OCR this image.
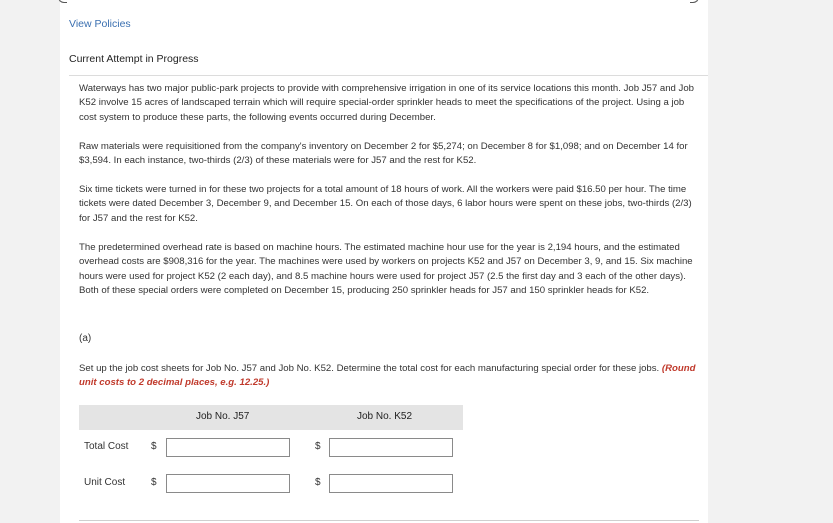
View Policies
Current Attempt in Progress

Waterways has two major public-park projects to provide with comprehensive irrigation in one of its service locations this month. Job J57 and Job K52 involve 15 acres of landscaped terrain which will require special-order sprinkler heads to meet the specifications of the project. Using a job cost system to produce these parts, the following events occurred during December.

Raw materials were requisitioned from the company's inventory on December 2 for $5,274; on December 8 for $1,098; and on December 14 for $3,594. In each instance, two-thirds (2/3) of these materials were for J57 and the rest for K52.

Six time tickets were turned in for these two projects for a total amount of 18 hours of work. All the workers were paid $16.50 per hour. The time tickets were dated December 3, December 9, and December 15. On each of those days, 6 labor hours were spent on these jobs, two-thirds (2/3) for J57 and the rest for K52.

The predetermined overhead rate is based on machine hours. The estimated machine hour use for the year is 2,194 hours, and the estimated overhead costs are $908,316 for the year. The machines were used by workers on projects K52 and J57 on December 3, 9, and 15. Six machine hours were used for project K52 (2 each day), and 8.5 machine hours were used for project J57 (2.5 the first day and 3 each of the other days). Both of these special orders were completed on December 15, producing 250 sprinkler heads for J57 and 150 sprinkler heads for K52.

(a)
Set up the job cost sheets for Job No. J57 and Job No. K52. Determine the total cost for each manufacturing special order for these jobs. (Round unit costs to 2 decimal places, e.g. 12.25.)
Job No. J57	Job No. K52
Total Cost $	$
Unit Cost	$	$
